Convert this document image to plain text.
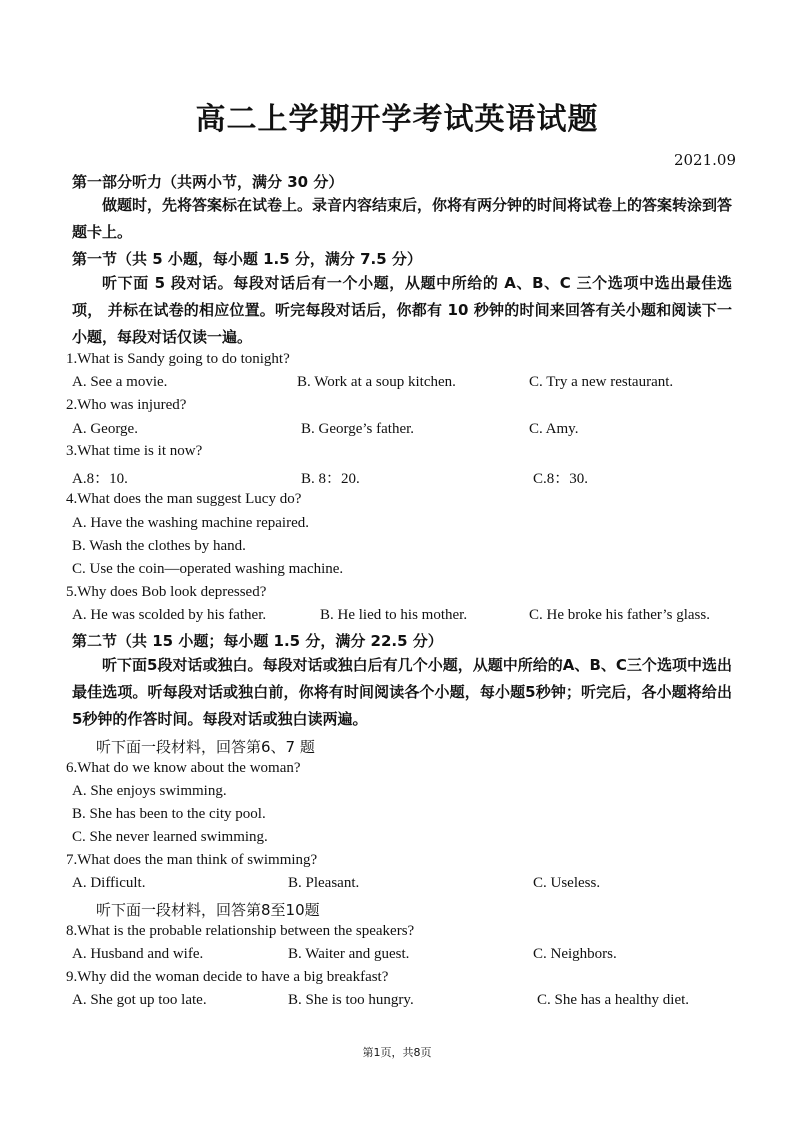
高二上学期开学考试英语试题
2021.09
第一部分听力（共两小节，满分 30 分）
做题时，先将答案标在试卷上。录音内容结束后，你将有两分钟的时间将试卷上的答案转涂到答题卡上。
第一节（共 5 小题，每小题 1.5 分，满分 7.5 分）
听下面 5 段对话。每段对话后有一个小题，从题中所给的 A、B、C 三个选项中选出最佳选项， 并标在试卷的相应位置。听完每段对话后，你都有 10 秒钟的时间来回答有关小题和阅读下一小题，每段对话仅读一遍。
1.What is Sandy going to do tonight?
A. See a movie.	B. Work at a soup kitchen.	C. Try a new restaurant.
2.Who was injured?
A. George.	B. George’s father.	C. Amy.
3.What time is it now?
A.8：10.	B. 8：20.	C.8：30.
4.What does the man suggest Lucy do?
A. Have the washing machine repaired.
B. Wash the clothes by hand.
C. Use the coin—operated washing machine.
5.Why does Bob look depressed?
A. He was scolded by his father.	B. He lied to his mother.	C. He broke his father’s glass.
第二节（共 15 小题；每小题 1.5 分，满分 22.5 分）
听下面5段对话或独白。每段对话或独白后有几个小题，从题中所给的A、B、C三个选项中选出最佳选项。听每段对话或独白前，你将有时间阅读各个小题，每小题5秒钟；听完后，各小题将给出5秒钟的作答时间。每段对话或独白读两遍。
听下面一段材料，回答第6、7 题
6.What do we know about the woman?
A. She enjoys swimming.
B. She has been to the city pool.
C. She never learned swimming.
7.What does the man think of swimming?
A. Difficult.	B. Pleasant.	C. Useless.
听下面一段材料，回答第8至10题
8.What is the probable relationship between the speakers?
A. Husband and wife.	B. Waiter and guest.	C. Neighbors.
9.Why did the woman decide to have a big breakfast?
A. She got up too late.	B. She is too hungry.	C. She has a healthy diet.
第1页，共8页
